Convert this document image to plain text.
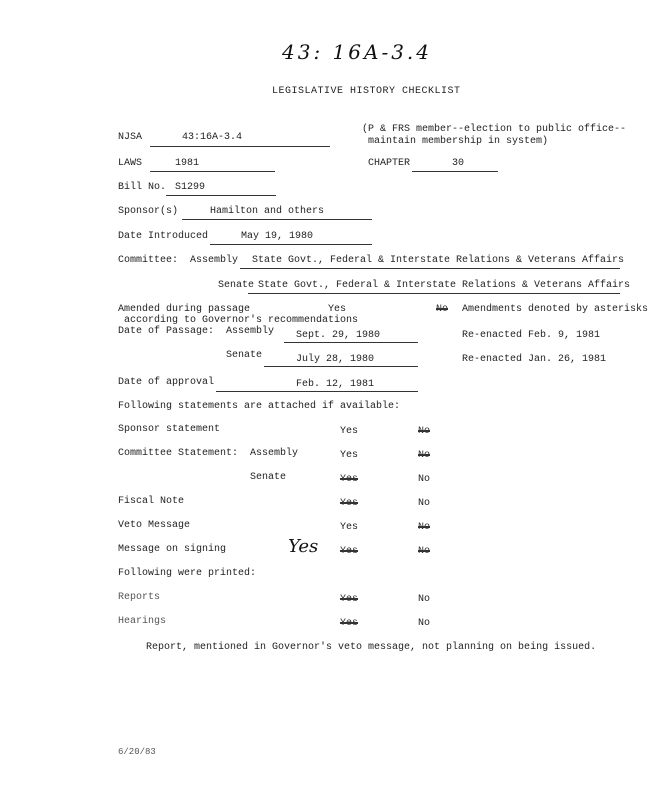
43: 16A-3.4
LEGISLATIVE HISTORY CHECKLIST
NJSA	43:16A-3.4
(P & FRS member--election to public office--
maintain membership in system)
LAWS	1981	CHAPTER	30
Bill No. S1299
Sponsor(s)	Hamilton and others
Date Introduced	May 19, 1980
Committee: Assembly State Govt., Federal & Interstate Relations & Veterans Affairs
Senate State Govt., Federal & Interstate Relations & Veterans Affairs
Amended during passage	Yes	No Amendments denoted by asterisks
according to Governor's recommendations
Date of Passage: Assembly Sept. 29, 1980	Re-enacted Feb. 9, 1981
Senate	July 28, 1980	Re-enacted Jan. 26, 1981
Date of approval	Feb. 12, 1981
Following statements are attached if available:
Sponsor statement	Yes	No
Committee Statement: Assembly	Yes	No
Senate	Yes	No
Fiscal Note	Yes	No
Veto Message	Yes	No
Message on signing	Yes Yes	No
Following were printed:
Reports	Yes	No
Hearings	Yes	No
Report, mentioned in Governor's veto message, not planning on being issued.
6/20/83
